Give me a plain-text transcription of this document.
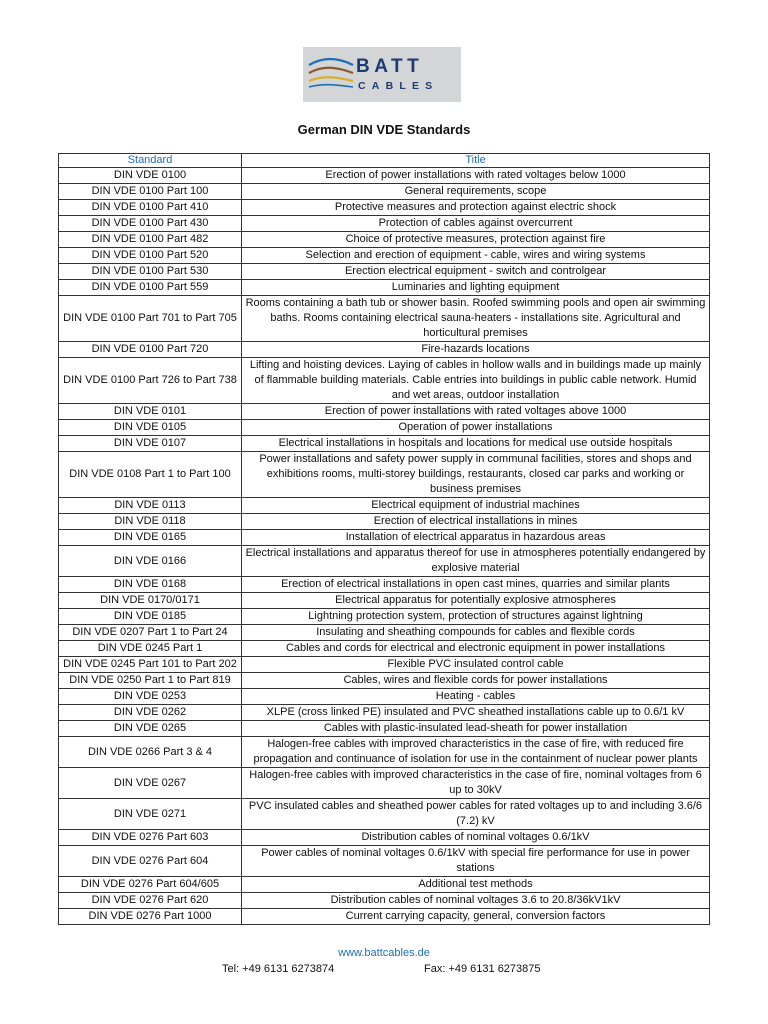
BATT
CABLES
German DIN VDE Standards
Standard	Title
DIN VDE 0100	Erection of power installations with rated voltages below 1000
DIN VDE 0100 Part 100	General requirements, scope
DIN VDE 0100 Part 410	Protective measures and protection against electric shock
DIN VDE 0100 Part 430	Protection of cables against overcurrent
DIN VDE 0100 Part 482	Choice of protective measures, protection against fire
DIN VDE 0100 Part 520	Selection and erection of equipment - cable, wires and wiring systems
DIN VDE 0100 Part 530	Erection electrical equipment - switch and controlgear
DIN VDE 0100 Part 559	Luminaries and lighting equipment
DIN VDE 0100 Part 701 to Part 705	Rooms containing a bath tub or shower basin. Roofed swimming pools and open air swimming baths. Rooms containing electrical sauna-heaters - installations site. Agricultural and horticultural premises
DIN VDE 0100 Part 720	Fire-hazards locations
DIN VDE 0100 Part 726 to Part 738	Lifting and hoisting devices. Laying of cables in hollow walls and in buildings made up mainly of flammable building materials. Cable entries into buildings in public cable network. Humid and wet areas, outdoor installation
DIN VDE 0101	Erection of power installations with rated voltages above 1000
DIN VDE 0105	Operation of power installations
DIN VDE 0107	Electrical installations in hospitals and locations for medical use outside hospitals
DIN VDE 0108 Part 1 to Part 100	Power installations and safety power supply in communal facilities, stores and shops and exhibitions rooms, multi-storey buildings, restaurants, closed car parks and working or business premises
DIN VDE 0113	Electrical equipment of industrial machines
DIN VDE 0118	Erection of electrical installations in mines
DIN VDE 0165	Installation of electrical apparatus in hazardous areas
DIN VDE 0166	Electrical installations and apparatus thereof for use in atmospheres potentially endangered by explosive material
DIN VDE 0168	Erection of electrical installations in open cast mines, quarries and similar plants
DIN VDE 0170/0171	Electrical apparatus for potentially explosive atmospheres
DIN VDE 0185	Lightning protection system, protection of structures against lightning
DIN VDE 0207 Part 1 to Part 24	Insulating and sheathing compounds for cables and flexible cords
DIN VDE 0245 Part 1	Cables and cords for electrical and electronic equipment in power installations
DIN VDE 0245 Part 101 to Part 202	Flexible PVC insulated control cable
DIN VDE 0250 Part 1 to Part 819	Cables, wires and flexible cords for power installations
DIN VDE 0253	Heating - cables
DIN VDE 0262	XLPE (cross linked PE) insulated and PVC sheathed installations cable up to 0.6/1 kV
DIN VDE 0265	Cables with plastic-insulated lead-sheath for power installation
DIN VDE 0266 Part 3 & 4	Halogen-free cables with improved characteristics in the case of fire, with reduced fire propagation and continuance of isolation for use in the containment of nuclear power plants
DIN VDE 0267	Halogen-free cables with improved characteristics in the case of fire, nominal voltages from 6 up to 30kV
DIN VDE 0271	PVC insulated cables and sheathed power cables for rated voltages up to and including 3.6/6 (7.2) kV
DIN VDE 0276 Part 603	Distribution cables of nominal voltages 0.6/1kV
DIN VDE 0276 Part 604	Power cables of nominal voltages 0.6/1kV with special fire performance for use in power stations
DIN VDE 0276 Part 604/605	Additional test methods
DIN VDE 0276 Part 620	Distribution cables of nominal voltages 3.6 to 20.8/36kV1kV
DIN VDE 0276 Part 1000	Current carrying capacity, general, conversion factors
www.battcables.de
Tel: +49 6131 6273874	Fax: +49 6131 6273875
